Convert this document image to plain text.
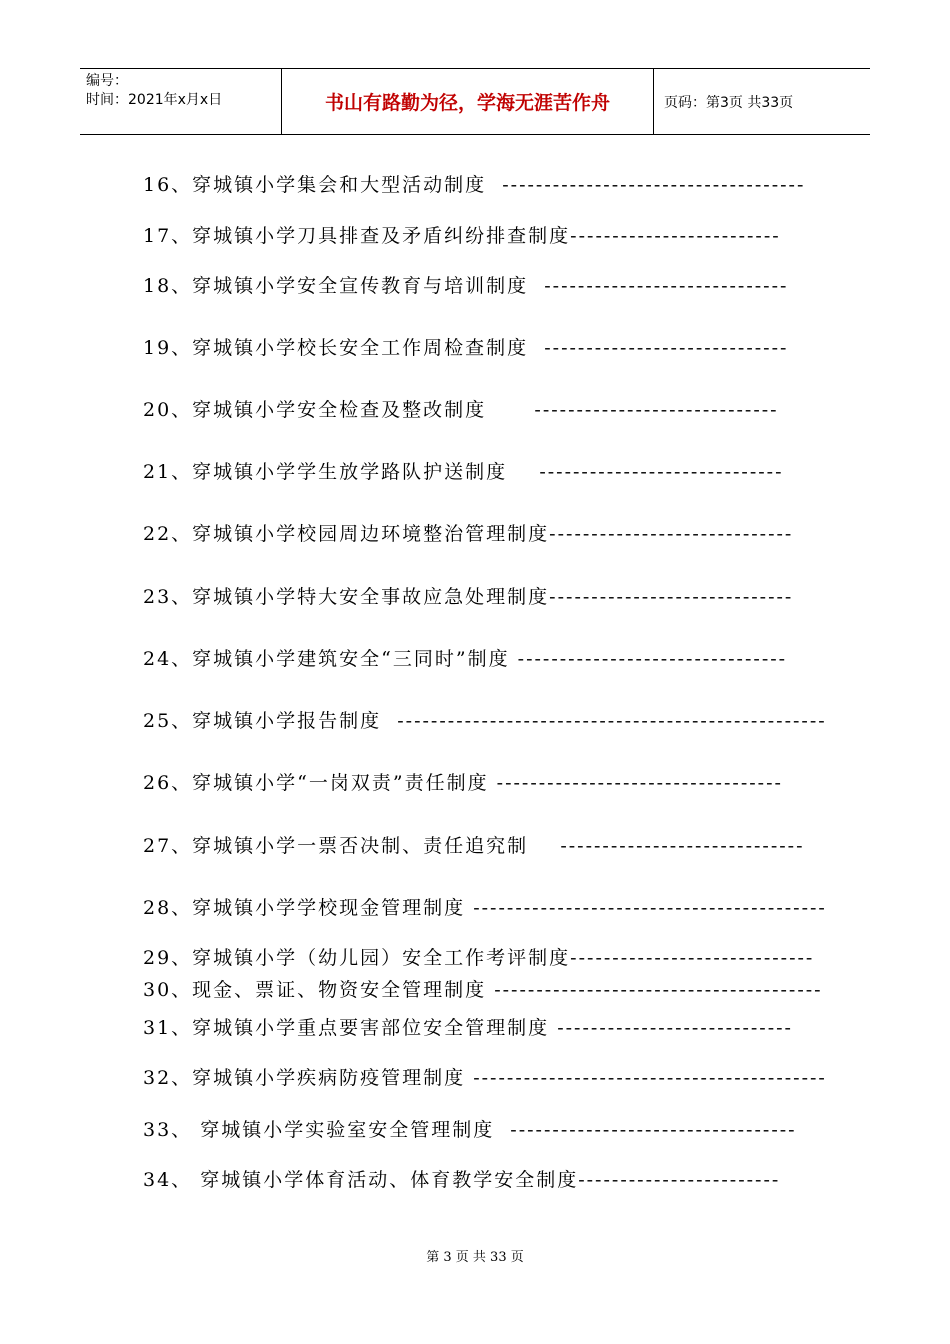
编号：
时间：2021年x月x日	书山有路勤为径，学海无涯苦作舟	页码：第3页 共33页
16、穿城镇小学集会和大型活动制度  ------------------------------------
17、穿城镇小学刀具排查及矛盾纠纷排查制度-------------------------
18、穿城镇小学安全宣传教育与培训制度  -----------------------------
19、穿城镇小学校长安全工作周检查制度  -----------------------------
20、穿城镇小学安全检查及整改制度      -----------------------------
21、穿城镇小学学生放学路队护送制度    -----------------------------
22、穿城镇小学校园周边环境整治管理制度-----------------------------
23、穿城镇小学特大安全事故应急处理制度-----------------------------
24、穿城镇小学建筑安全“三同时”制度 --------------------------------
25、穿城镇小学报告制度  ---------------------------------------------------
26、穿城镇小学“一岗双责”责任制度 ----------------------------------
27、穿城镇小学一票否决制、责任追究制    -----------------------------
28、穿城镇小学学校现金管理制度 ------------------------------------------
29、穿城镇小学（幼儿园）安全工作考评制度-----------------------------
30、现金、票证、物资安全管理制度 ---------------------------------------
31、穿城镇小学重点要害部位安全管理制度 ----------------------------
32、穿城镇小学疾病防疫管理制度 ------------------------------------------
33、 穿城镇小学实验室安全管理制度  ----------------------------------
34、 穿城镇小学体育活动、体育教学安全制度------------------------
第 3 页 共 33 页
